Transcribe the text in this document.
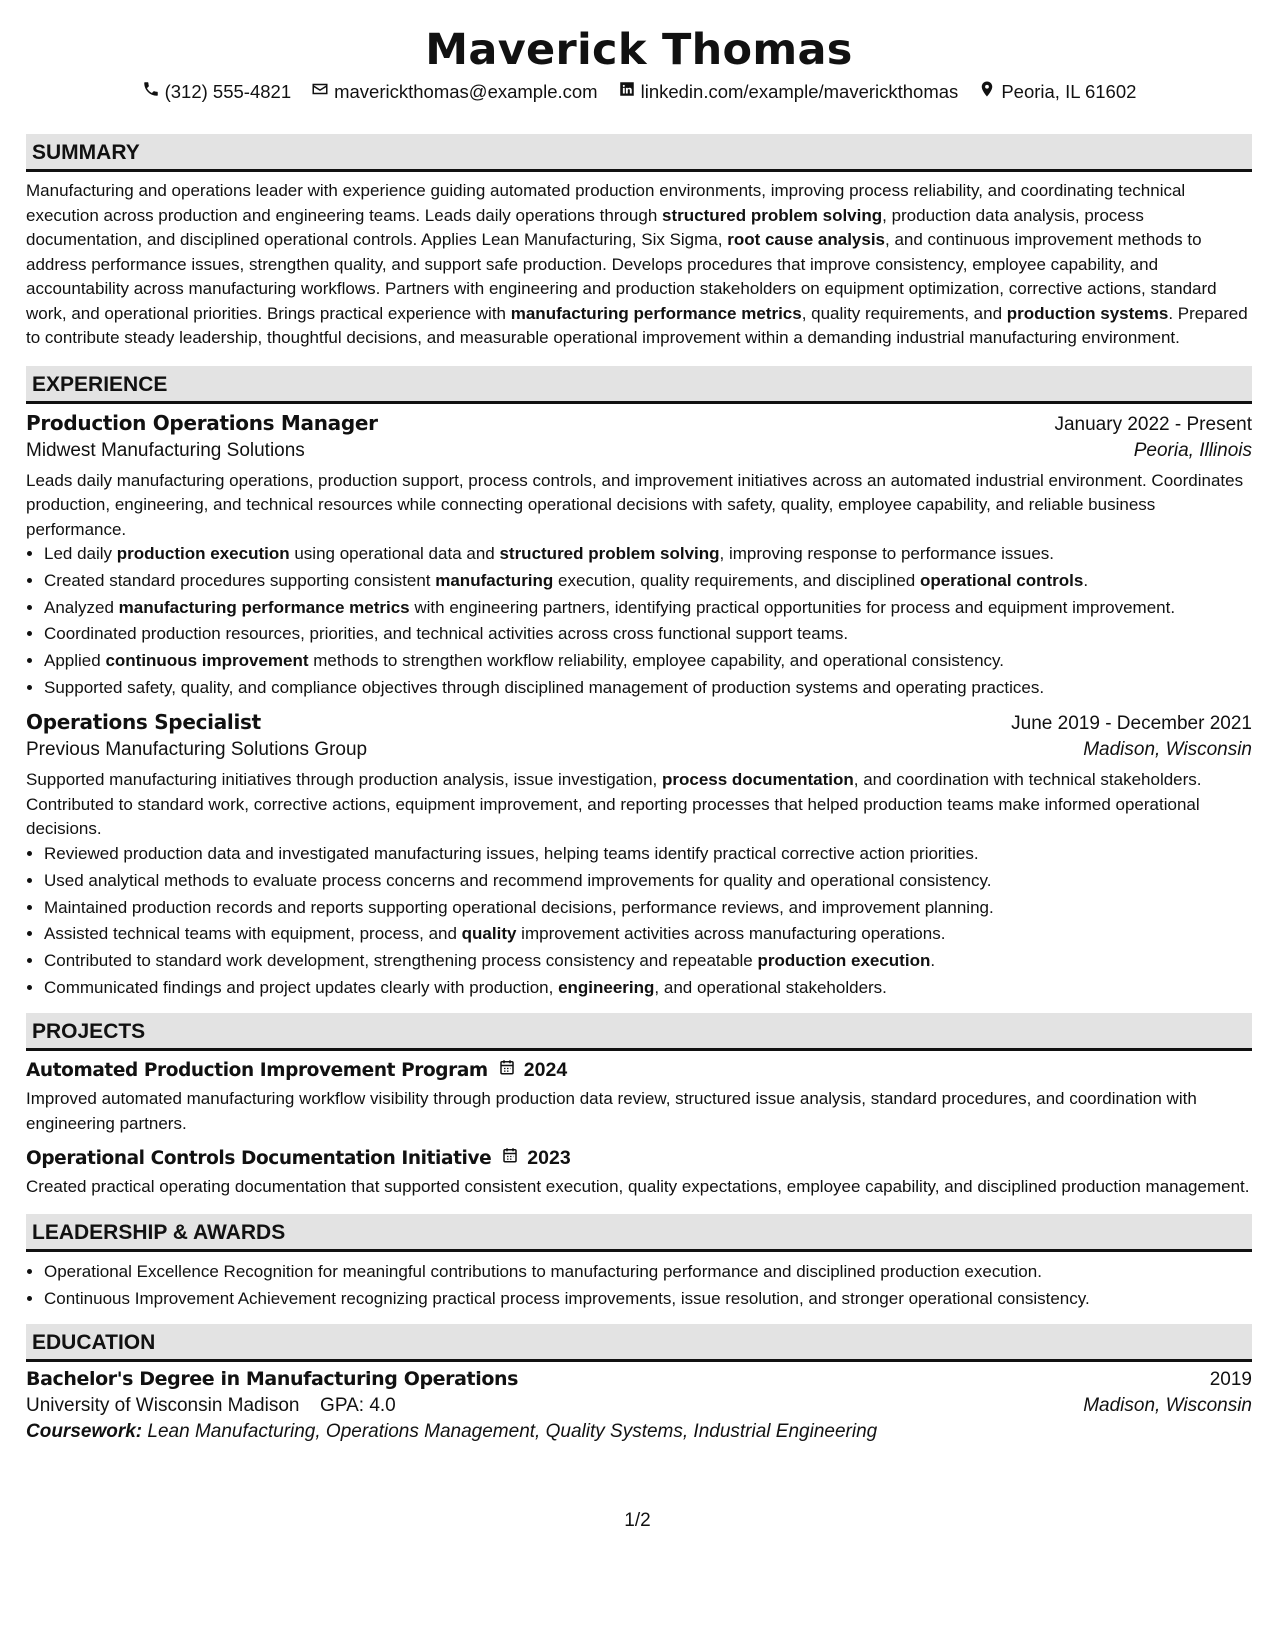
Maverick Thomas
(312) 555-4821 maverickthomas@example.com linkedin.com/example/maverickthomas Peoria, IL 61602
SUMMARY

Manufacturing and operations leader with experience guiding automated production environments, improving process reliability, and coordinating technical execution across production and engineering teams. Leads daily operations through structured problem solving, production data analysis, process documentation, and disciplined operational controls. Applies Lean Manufacturing, Six Sigma, root cause analysis, and continuous improvement methods to address performance issues, strengthen quality, and support safe production. Develops procedures that improve consistency, employee capability, and accountability across manufacturing workflows. Partners with engineering and production stakeholders on equipment optimization, corrective actions, standard work, and operational priorities. Brings practical experience with manufacturing performance metrics, quality requirements, and production systems. Prepared to contribute steady leadership, thoughtful decisions, and measurable operational improvement within a demanding industrial manufacturing environment.

EXPERIENCE
Production Operations Manager	January 2022 - Present
Midwest Manufacturing Solutions	Peoria, Illinois

Leads daily manufacturing operations, production support, process controls, and improvement initiatives across an automated industrial environment. Coordinates production, engineering, and technical resources while connecting operational decisions with safety, quality, employee capability, and reliable business performance.

• Led daily production execution using operational data and structured problem solving, improving response to performance issues.
• Created standard procedures supporting consistent manufacturing execution, quality requirements, and disciplined operational controls.
• Analyzed manufacturing performance metrics with engineering partners, identifying practical opportunities for process and equipment improvement.
• Coordinated production resources, priorities, and technical activities across cross functional support teams.
• Applied continuous improvement methods to strengthen workflow reliability, employee capability, and operational consistency.
• Supported safety, quality, and compliance objectives through disciplined management of production systems and operating practices.
Operations Specialist	June 2019 - December 2021
Previous Manufacturing Solutions Group	Madison, Wisconsin

Supported manufacturing initiatives through production analysis, issue investigation, process documentation, and coordination with technical stakeholders. Contributed to standard work, corrective actions, equipment improvement, and reporting processes that helped production teams make informed operational decisions.

• Reviewed production data and investigated manufacturing issues, helping teams identify practical corrective action priorities.
• Used analytical methods to evaluate process concerns and recommend improvements for quality and operational consistency.
• Maintained production records and reports supporting operational decisions, performance reviews, and improvement planning.
• Assisted technical teams with equipment, process, and quality improvement activities across manufacturing operations.
• Contributed to standard work development, strengthening process consistency and repeatable production execution.
• Communicated findings and project updates clearly with production, engineering, and operational stakeholders.
PROJECTS
Automated Production Improvement Program 2024

Improved automated manufacturing workflow visibility through production data review, structured issue analysis, standard procedures, and coordination with engineering partners.

Operational Controls Documentation Initiative 2023

Created practical operating documentation that supported consistent execution, quality expectations, employee capability, and disciplined production management.

LEADERSHIP & AWARDS
• Operational Excellence Recognition for meaningful contributions to manufacturing performance and disciplined production execution.
• Continuous Improvement Achievement recognizing practical process improvements, issue resolution, and stronger operational consistency.
EDUCATION
Bachelor's Degree in Manufacturing Operations	2019
University of Wisconsin Madison GPA: 4.0	Madison, Wisconsin
Coursework: Lean Manufacturing, Operations Management, Quality Systems, Industrial Engineering
1/2
